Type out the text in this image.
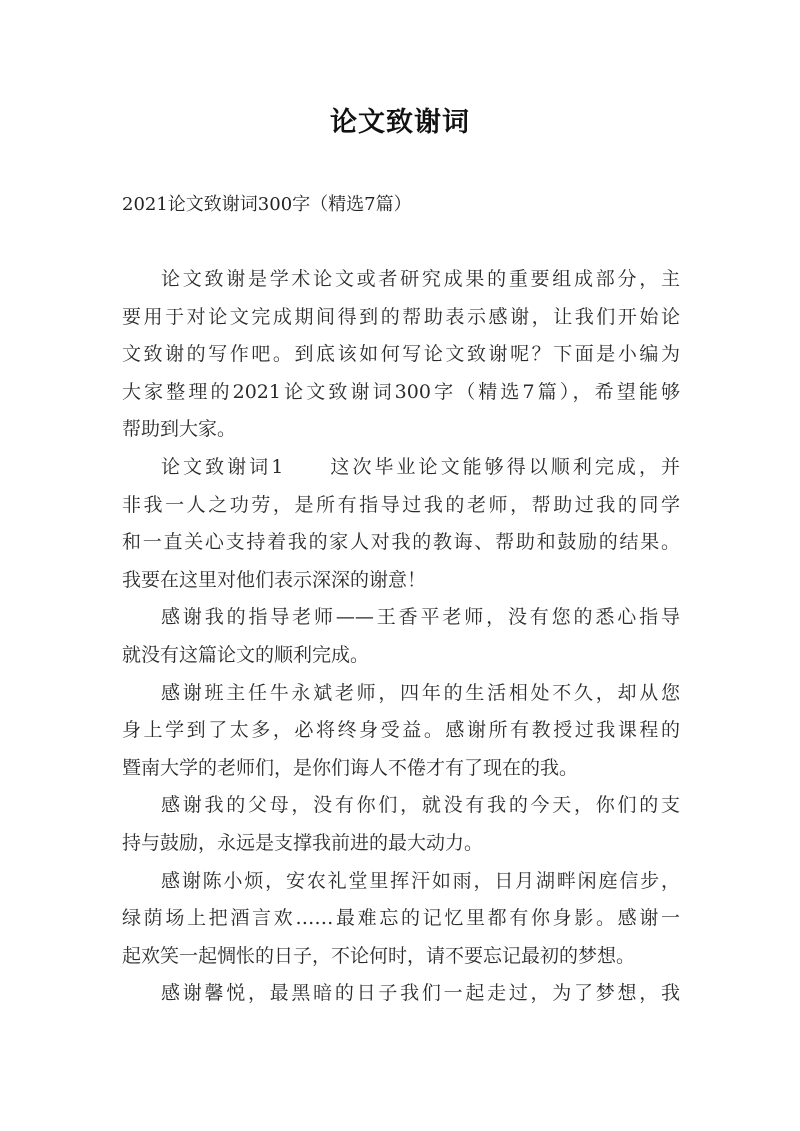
论文致谢词
2021论文致谢词300字（精选7篇）
论文致谢是学术论文或者研究成果的重要组成部分，主
要用于对论文完成期间得到的帮助表示感谢，让我们开始论
文致谢的写作吧。到底该如何写论文致谢呢？下面是小编为
大家整理的2021论文致谢词300字（精选7篇），希望能够
帮助到大家。
论文致谢词1　　这次毕业论文能够得以顺利完成，并
非我一人之功劳，是所有指导过我的老师，帮助过我的同学
和一直关心支持着我的家人对我的教诲、帮助和鼓励的结果。
我要在这里对他们表示深深的谢意！
感谢我的指导老师——王香平老师，没有您的悉心指导
就没有这篇论文的顺利完成。
感谢班主任牛永斌老师，四年的生活相处不久，却从您
身上学到了太多，必将终身受益。感谢所有教授过我课程的
暨南大学的老师们，是你们诲人不倦才有了现在的我。
感谢我的父母，没有你们，就没有我的今天，你们的支
持与鼓励，永远是支撑我前进的最大动力。
感谢陈小烦，安农礼堂里挥汗如雨，日月湖畔闲庭信步，
绿荫场上把酒言欢……最难忘的记忆里都有你身影。感谢一
起欢笑一起惆怅的日子，不论何时，请不要忘记最初的梦想。
感谢馨悦，最黑暗的日子我们一起走过，为了梦想，我
